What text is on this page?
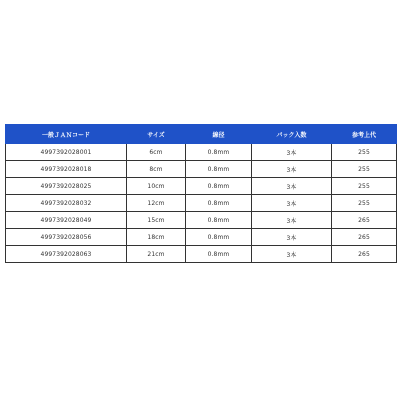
一般ＪＡＮコード	サイズ	線径	パック入数	参考上代
4997392028001	6cm	0.8mm	3本	255
4997392028018	8cm	0.8mm	3本	255
4997392028025	10cm	0.8mm	3本	255
4997392028032	12cm	0.8mm	3本	255
4997392028049	15cm	0.8mm	3本	265
4997392028056	18cm	0.8mm	3本	265
4997392028063	21cm	0.8mm	3本	265
